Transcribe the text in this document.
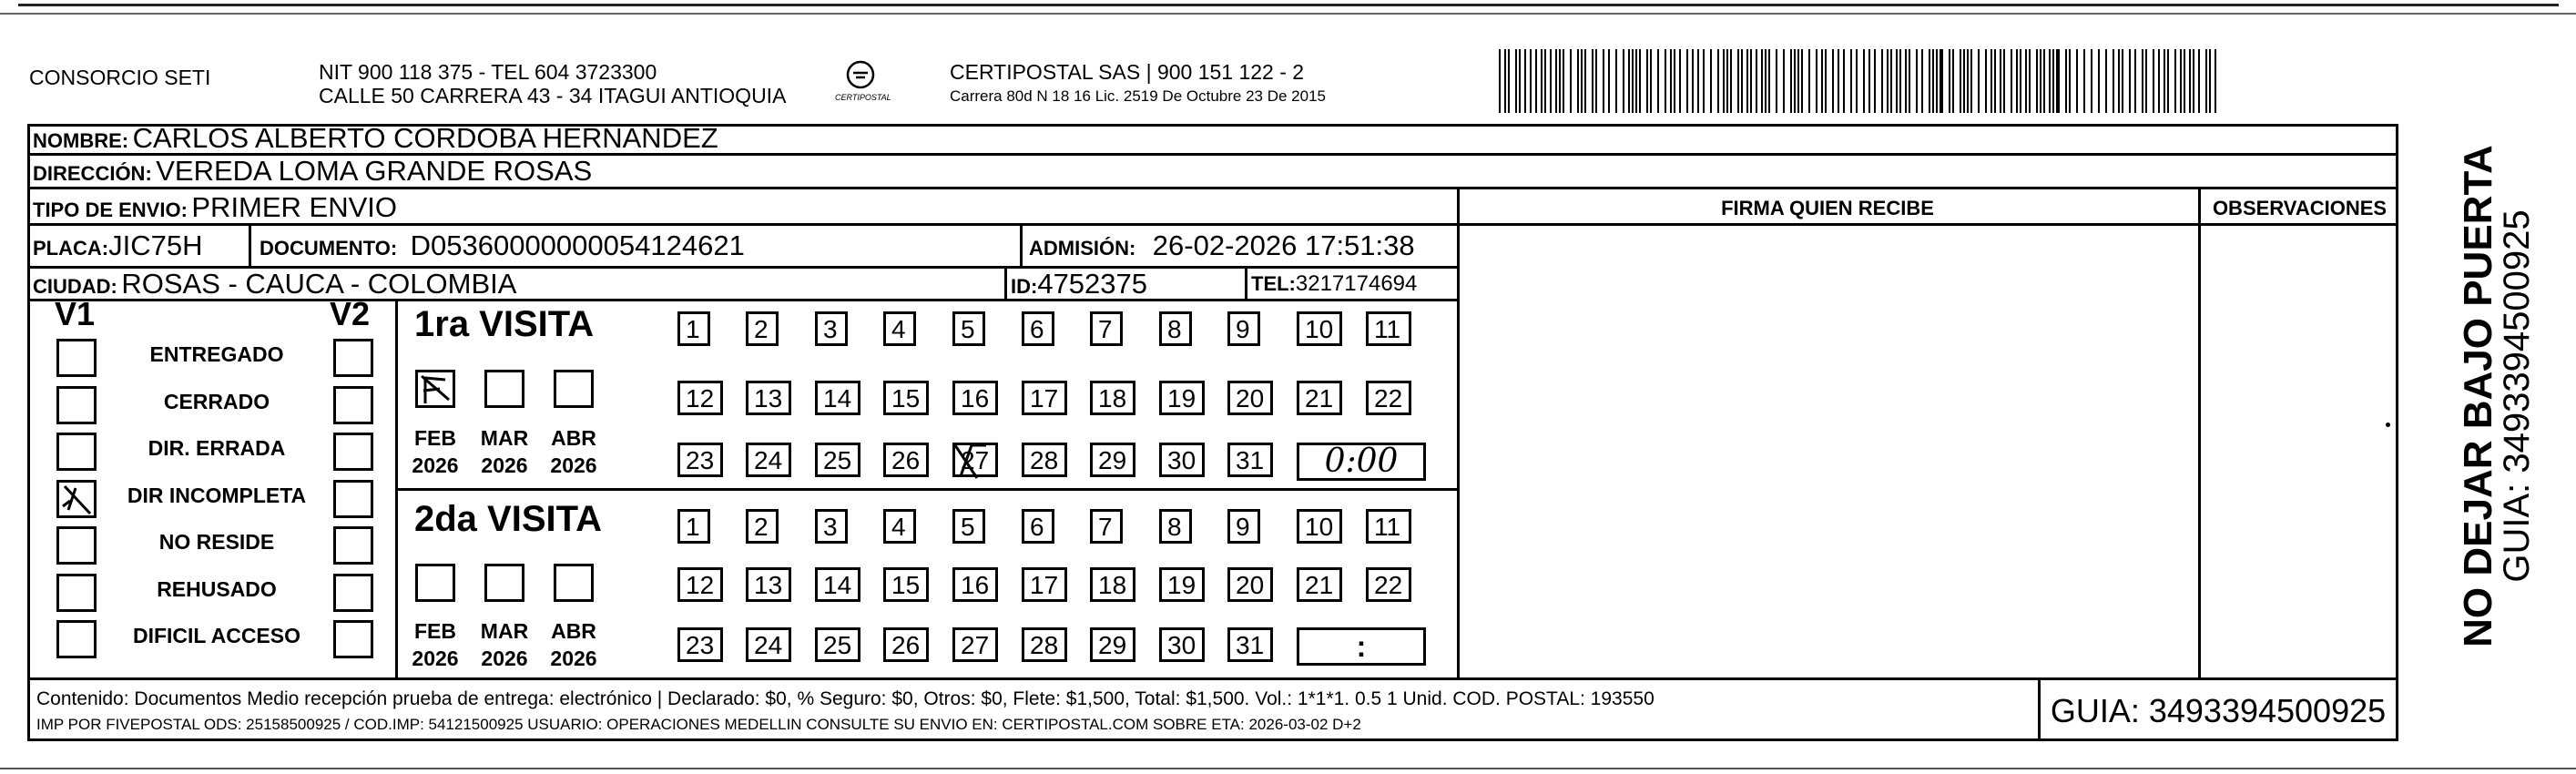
CONSORCIO SETI	NIT 900 118 375 - TEL 604 3723300
CALLE 50 CARRERA 43 - 34 ITAGUI ANTIOQUIA	CERTIPOSTAL
CERTIPOSTAL SAS | 900 151 122 - 2
Carrera 80d N 18 16 Lic. 2519 De Octubre 23 De 2015
NOMBRE: CARLOS ALBERTO CORDOBA HERNANDEZ
DIRECCIÓN: VEREDA LOMA GRANDE ROSAS
TIPO DE ENVIO: PRIMER ENVIO
PLACA:JIC75H	DOCUMENTO: D05360000000054124621	ADMISIÓN: 26-02-2026 17:51:38
CIUDAD: ROSAS - CAUCA - COLOMBIA	ID:4752375	TEL:3217174694
FIRMA QUIEN RECIBE	OBSERVACIONES
V1	V2
ENTREGADO
CERRADO
DIR. ERRADA
DIR INCOMPLETA
NO RESIDE
REHUSADO
DIFICIL ACCESO
1ra VISITA
2da VISITA
FEB
2026
MAR
2026
ABR
2026
FEB
2026
MAR
2026
ABR
2026
1	2	3	4	5	6	7	8	9	10	11
12	13	14	15	16	17	18	19	20	21	22
23	24	25	26	27	28	29	30	31	0:00
1	2	3	4	5	6	7	8	9	10	11
12	13	14	15	16	17	18	19	20	21	22
23	24	25	26	27	28	29	30	31	:
Contenido: Documentos Medio recepción prueba de entrega: electrónico | Declarado: $0, % Seguro: $0, Otros: $0, Flete: $1,500, Total: $1,500. Vol.: 1*1*1. 0.5 1 Unid. COD. POSTAL: 193550
IMP POR FIVEPOSTAL ODS: 25158500925 / COD.IMP: 54121500925 USUARIO: OPERACIONES MEDELLIN CONSULTE SU ENVIO EN: CERTIPOSTAL.COM SOBRE ETA: 2026-03-02 D+2	GUIA: 3493394500925
NO DEJAR BAJO PUERTA
GUIA: 3493394500925
